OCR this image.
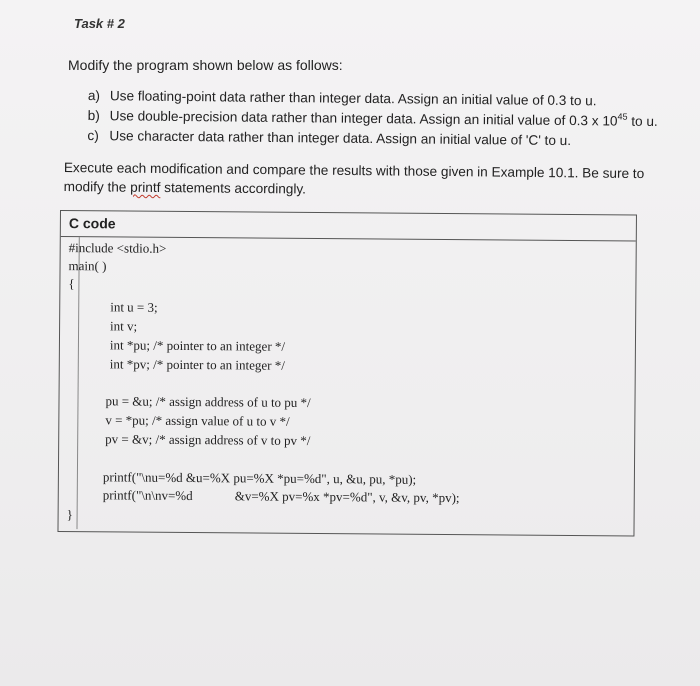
Task # 2
Modify the program shown below as follows:
a) Use floating-point data rather than integer data. Assign an initial value of 0.3 to u.
b) Use double-precision data rather than integer data. Assign an initial value of 0.3 x $10^{45}$ to u.
c) Use character data rather than integer data. Assign an initial value of 'C' to u.
Execute each modification and compare the results with those given in Example 10.1. Be sure to modify the printf statements accordingly.
C code
#include <stdio.h>
main( )
{
int u = 3;
int v;
int *pu; /* pointer to an integer */
int *pv; /* pointer to an integer */
pu = &u; /* assign address of u to pu */
v = *pu; /* assign value of u to v */
pv = &v; /* assign address of v to pv */
printf("\nu=%d &u=%X pu=%X *pu=%d", u, &u, pu, *pu);
printf("\n\nv=%d	&v=%X pv=%x *pv=%d", v, &v, pv, *pv);
}
